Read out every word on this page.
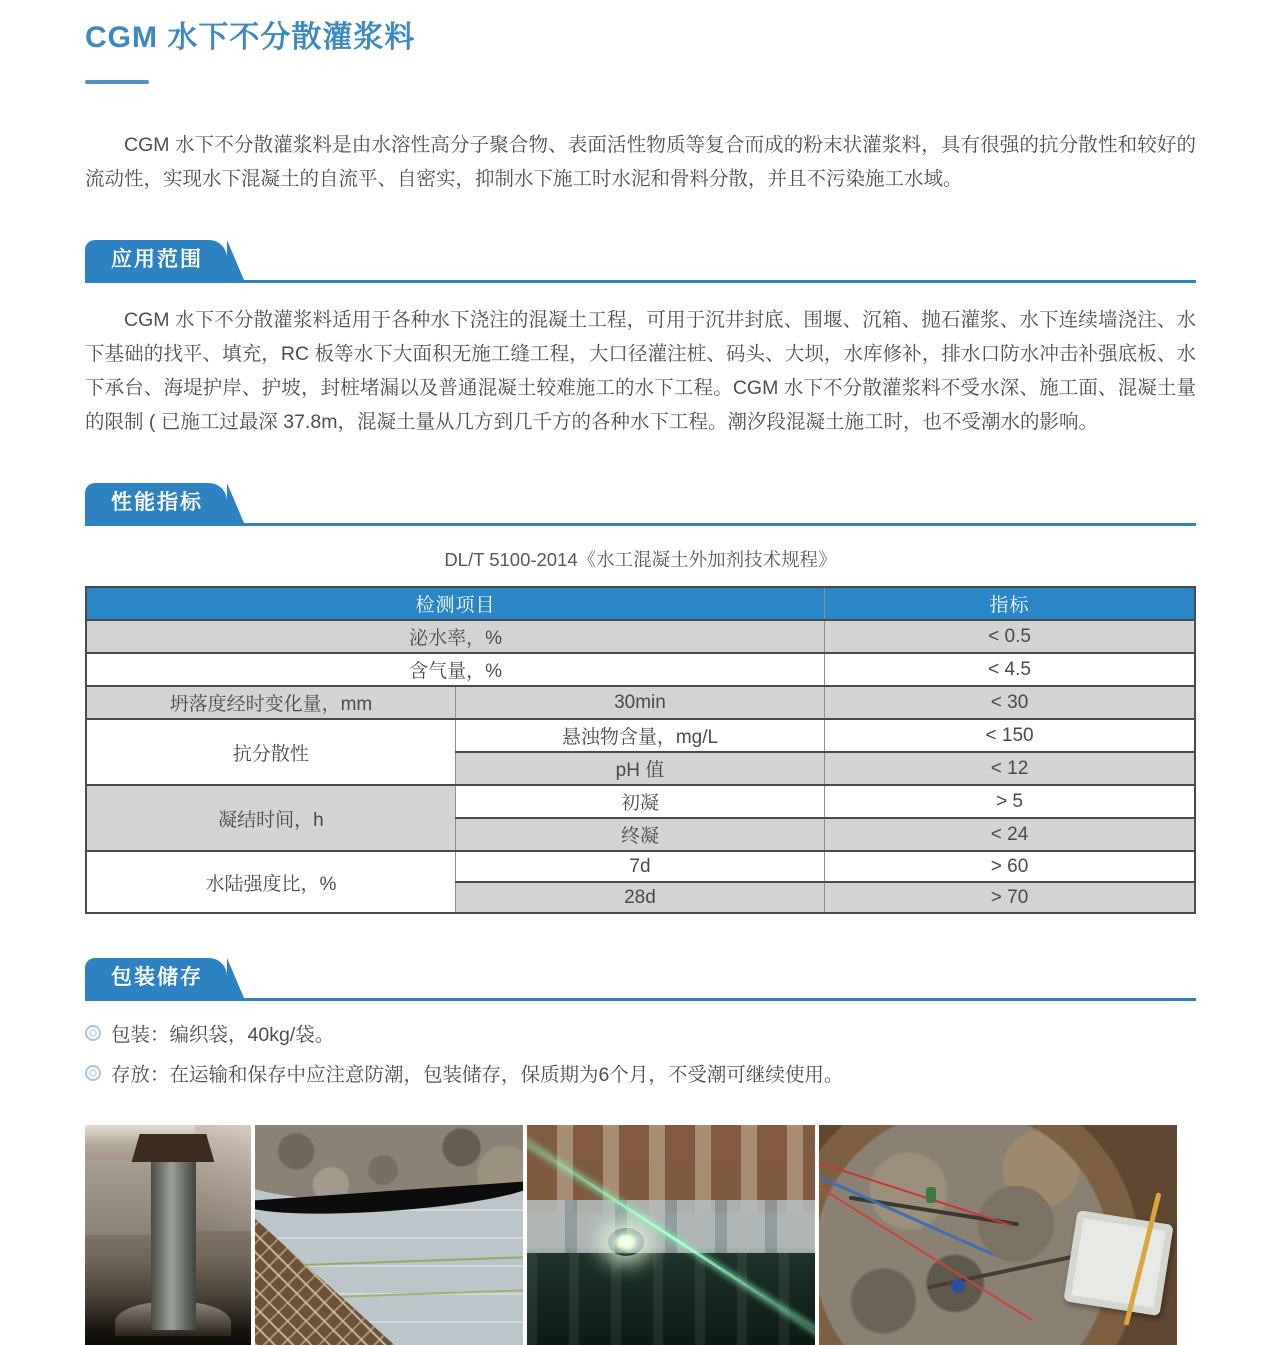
CGM 水下不分散灌浆料

CGM 水下不分散灌浆料是由水溶性高分子聚合物、表面活性物质等复合而成的粉末状灌浆料，具有很强的抗分散性和较好的流动性，实现水下混凝土的自流平、自密实，抑制水下施工时水泥和骨料分散，并且不污染施工水域。

应用范围

CGM 水下不分散灌浆料适用于各种水下浇注的混凝土工程，可用于沉井封底、围堰、沉箱、抛石灌浆、水下连续墙浇注、水下基础的找平、填充，RC 板等水下大面积无施工缝工程，大口径灌注桩、码头、大坝，水库修补，排水口防水冲击补强底板、水下承台、海堤护岸、护坡，封桩堵漏以及普通混凝土较难施工的水下工程。CGM 水下不分散灌浆料不受水深、施工面、混凝土量的限制 ( 已施工过最深 37.8m，混凝土量从几方到几千方的各种水下工程。潮汐段混凝土施工时，也不受潮水的影响。

性能指标
DL/T 5100-2014《水工混凝土外加剂技术规程》
检测项目		指标
泌水率，%		< 0.5
含气量，%		< 4.5
坍落度经时变化量，mm	30min	< 30
抗分散性	悬浊物含量，mg/L	< 150
	pH 值	< 12
凝结时间，h	初凝	> 5
	终凝	< 24
水陆强度比，%	7d	> 60
	28d	> 70
包装储存
包装：编织袋，40kg/袋。
存放：在运输和保存中应注意防潮，包装储存，保质期为6个月，不受潮可继续使用。
